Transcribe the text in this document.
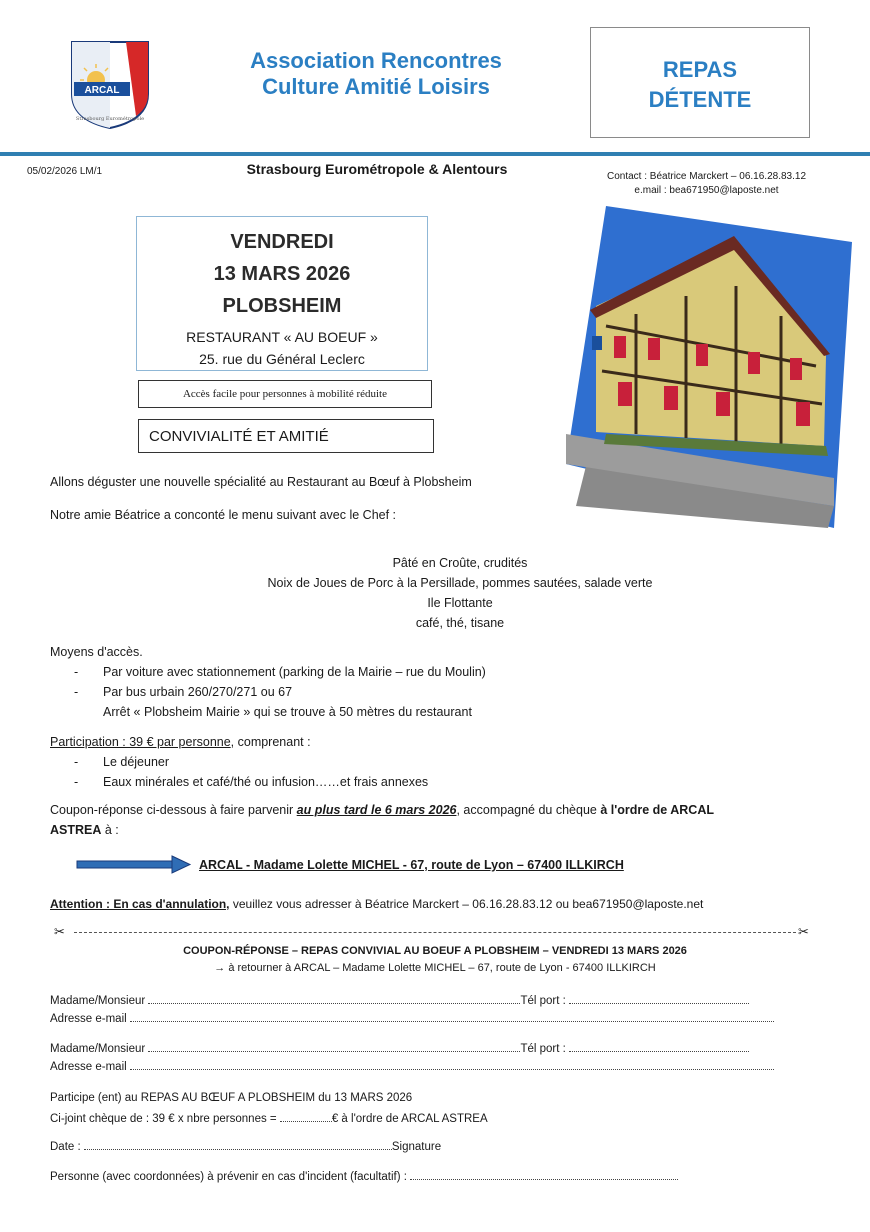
ARCAL
Strasbourg Eurométropole
Association Rencontres
Culture Amitié Loisirs
REPAS
DÉTENTE
05/02/2026 LM/1	Strasbourg Eurométropole & Alentours	Contact : Béatrice Marckert – 06.16.28.83.12
e.mail : bea671950@laposte.net
VENDREDI
13 MARS 2026
PLOBSHEIM
RESTAURANT « AU BOEUF »
25. rue du Général Leclerc
Accès facile pour personnes à mobilité réduite
CONVIVIALITÉ ET AMITIÉ
Allons déguster une nouvelle spécialité au Restaurant au Bœuf à Plobsheim
Notre amie Béatrice a conconté le menu suivant avec le Chef :
Pâté en Croûte, crudités
Noix de Joues de Porc à la Persillade, pommes sautées, salade verte
Ile Flottante
café, thé, tisane
Moyens d'accès.
-	Par voiture avec stationnement (parking de la Mairie – rue du Moulin)
-	Par bus urbain 260/270/271 ou 67
Arrêt « Plobsheim Mairie » qui se trouve à 50 mètres du restaurant
Participation : 39 € par personne, comprenant :
-	Le déjeuner
-	Eaux minérales et café/thé ou infusion……et frais annexes
Coupon-réponse ci-dessous à faire parvenir au plus tard le 6 mars 2026, accompagné du chèque à l'ordre de ARCAL
ASTREA à :
ARCAL - Madame Lolette MICHEL - 67, route de Lyon – 67400 ILLKIRCH
Attention : En cas d'annulation, veuillez vous adresser à Béatrice Marckert – 06.16.28.83.12 ou bea671950@laposte.net
✂	✂
COUPON-RÉPONSE – REPAS CONVIVIAL AU BOEUF A PLOBSHEIM – VENDREDI 13 MARS 2026
→ à retourner à ARCAL – Madame Lolette MICHEL – 67, route de Lyon - 67400 ILLKIRCH
Madame/Monsieur	Tél port :
Adresse e-mail
Madame/Monsieur	Tél port :
Adresse e-mail
Participe (ent) au REPAS AU BŒUF A PLOBSHEIM du 13 MARS 2026
Ci-joint chèque de : 39 € x nbre personnes =	€ à l'ordre de ARCAL ASTREA
Date :	Signature
Personne (avec coordonnées) à prévenir en cas d'incident (facultatif) :
